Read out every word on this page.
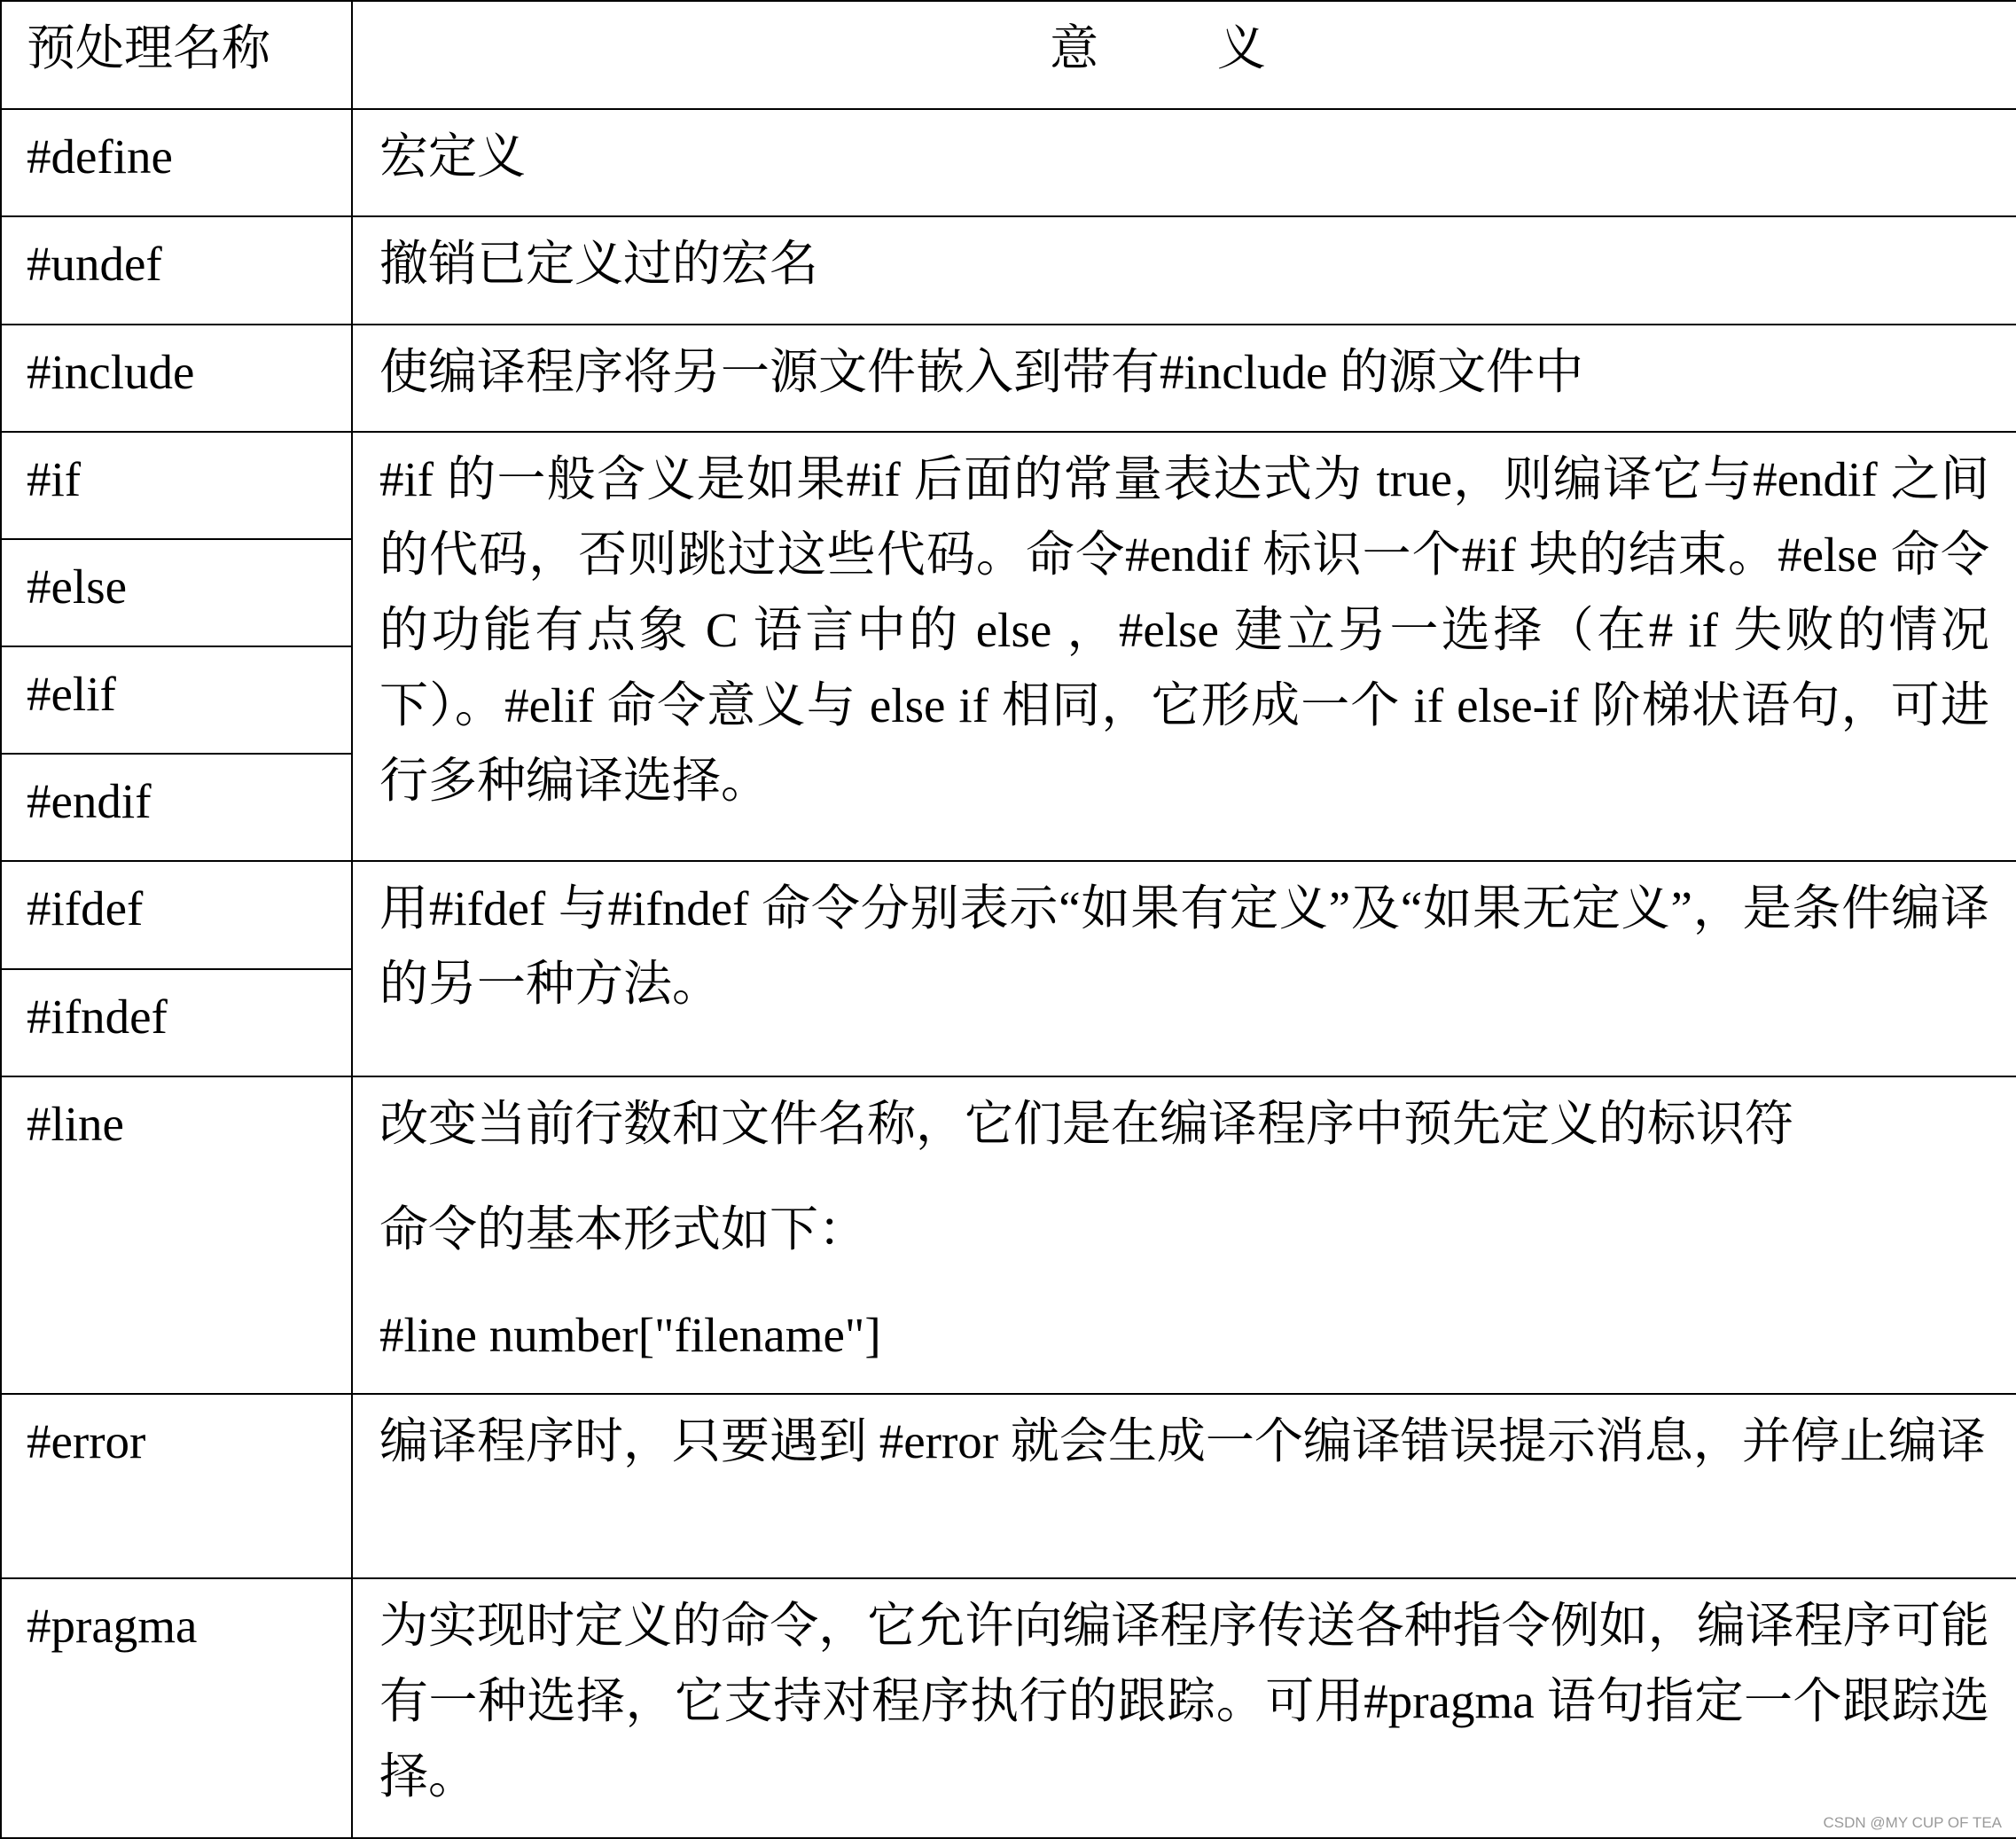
预处理名称	意 义
#define	宏定义
#undef	撤销已定义过的宏名
#include	使编译程序将另一源文件嵌入到带有#include 的源文件中
#if	#if 的一般含义是如果#if 后面的常量表达式为 true，则编译它与#endif 之间的代码，否则跳过这些代码。命令#endif 标识一个#if 块的结束。#else 命令的功能有点象 C 语言中的 else ，#else 建立另一选择（在# if 失败的情况下）。#elif 命令意义与 else if 相同，它形成一个 if else-if 阶梯状语句，可进行多种编译选择。
#else	
#elif	
#endif	
#ifdef	用#ifdef 与#ifndef 命令分别表示“如果有定义”及“如果无定义”，是条件编译的另一种方法。
#ifndef	
#line	改变当前行数和文件名称，它们是在编译程序中预先定义的标识符

命令的基本形式如下：

#line number["filename"]

#error	编译程序时，只要遇到 #error 就会生成一个编译错误提示消息，并停止编译
#pragma	为实现时定义的命令，它允许向编译程序传送各种指令例如，编译程序可能有一种选择，它支持对程序执行的跟踪。可用#pragma 语句指定一个跟踪选择。
CSDN @MY CUP OF TEA
